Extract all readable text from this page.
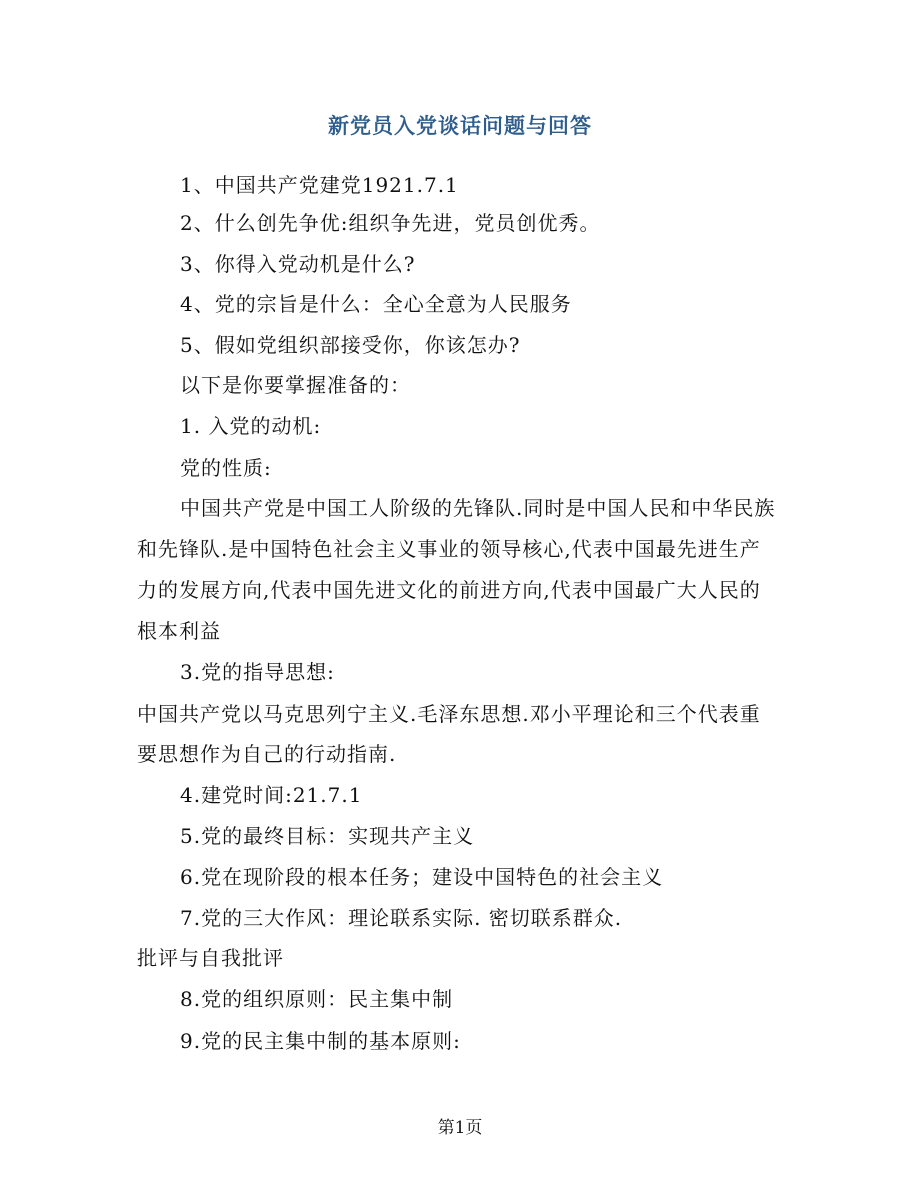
新党员入党谈话问题与回答
1、中国共产党建党1921.7.1
2、什么创先争优:组织争先进，党员创优秀。
3、你得入党动机是什么?
4、党的宗旨是什么：全心全意为人民服务
5、假如党组织部接受你，你该怎办?
以下是你要掌握准备的：
1. 入党的动机:
党的性质:
中国共产党是中国工人阶级的先锋队.同时是中国人民和中华民族
和先锋队.是中国特色社会主义事业的领导核心,代表中国最先进生产
力的发展方向,代表中国先进文化的前进方向,代表中国最广大人民的
根本利益
3.党的指导思想:
中国共产党以马克思列宁主义.毛泽东思想.邓小平理论和三个代表重
要思想作为自己的行动指南.
4.建党时间:21.7.1
5.党的最终目标：实现共产主义
6.党在现阶段的根本任务；建设中国特色的社会主义
7.党的三大作风：理论联系实际. 密切联系群众.
批评与自我批评
8.党的组织原则：民主集中制
9.党的民主集中制的基本原则:
第1页
